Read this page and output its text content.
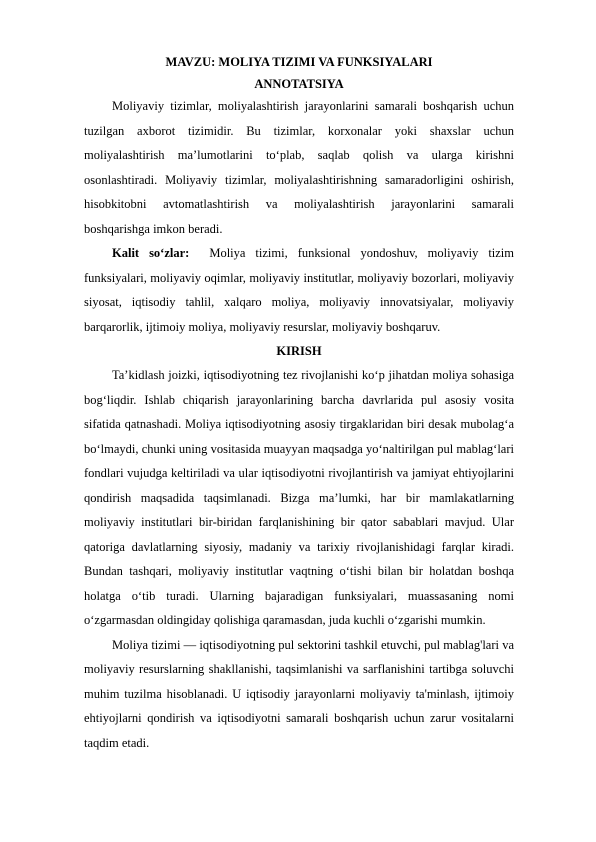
MAVZU: MOLIYA TIZIMI VA FUNKSIYALARI
ANNOTATSIYA

Moliyaviy tizimlar, moliyalashtirish jarayonlarini samarali boshqarish uchun tuzilgan axborot tizimidir. Bu tizimlar, korxonalar yoki shaxslar uchun moliyalashtirish ma’lumotlarini to‘plab, saqlab qolish va ularga kirishni osonlashtiradi. Moliyaviy tizimlar, moliyalashtirishning samaradorligini oshirish, hisobkitobni avtomatlashtirish va moliyalashtirish jarayonlarini samarali boshqarishga imkon beradi.

Kalit so‘zlar: Moliya tizimi, funksional yondoshuv, moliyaviy tizim funksiyalari, moliyaviy oqimlar, moliyaviy institutlar, moliyaviy bozorlari, moliyaviy siyosat, iqtisodiy tahlil, xalqaro moliya, moliyaviy innovatsiyalar, moliyaviy barqarorlik, ijtimoiy moliya, moliyaviy resurslar, moliyaviy boshqaruv.

KIRISH

Ta’kidlash joizki, iqtisodiyotning tez rivojlanishi ko‘p jihatdan moliya sohasiga bog‘liqdir. Ishlab chiqarish jarayonlarining barcha davrlarida pul asosiy vosita sifatida qatnashadi. Moliya iqtisodiyotning asosiy tirgaklaridan biri desak mubolag‘a bo‘lmaydi, chunki uning vositasida muayyan maqsadga yo‘naltirilgan pul mablag‘lari fondlari vujudga keltiriladi va ular iqtisodiyotni rivojlantirish va jamiyat ehtiyojlarini qondirish maqsadida taqsimlanadi. Bizga ma’lumki, har bir mamlakatlarning moliyaviy institutlari bir-biridan farqlanishining bir qator sabablari mavjud. Ular qatoriga davlatlarning siyosiy, madaniy va tarixiy rivojlanishidagi farqlar kiradi. Bundan tashqari, moliyaviy institutlar vaqtning o‘tishi bilan bir holatdan boshqa holatga o‘tib turadi. Ularning bajaradigan funksiyalari, muassasaning nomi o‘zgarmasdan oldingiday qolishiga qaramasdan, juda kuchli o‘zgarishi mumkin.

Moliya tizimi — iqtisodiyotning pul sektorini tashkil etuvchi, pul mablag'lari va moliyaviy resurslarning shakllanishi, taqsimlanishi va sarflanishini tartibga soluvchi muhim tuzilma hisoblanadi. U iqtisodiy jarayonlarni moliyaviy ta'minlash, ijtimoiy ehtiyojlarni qondirish va iqtisodiyotni samarali boshqarish uchun zarur vositalarni taqdim etadi.
